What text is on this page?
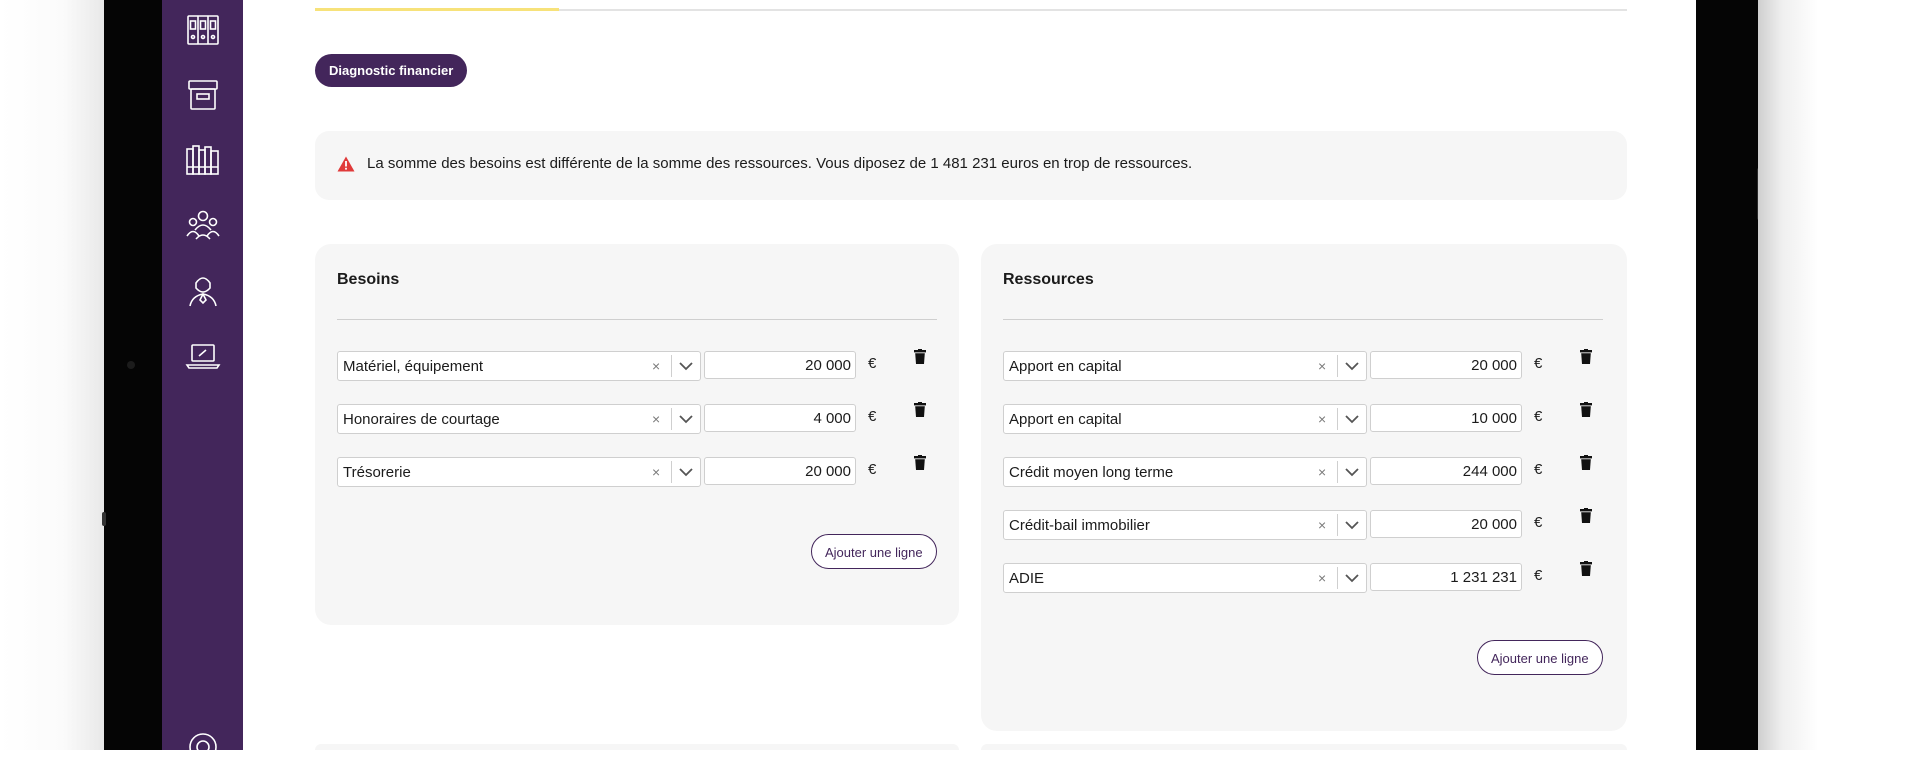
Diagnostic financier
La somme des besoins est différente de la somme des ressources. Vous diposez de 1 481 231 euros en trop de ressources.
Besoins
Matériel, équipement	×	20 000	€
Honoraires de courtage	×	4 000	€
Trésorerie	×	20 000	€
Ajouter une ligne
Ressources
Apport en capital	×	20 000	€
Apport en capital	×	10 000	€
Crédit moyen long terme	×	244 000	€
Crédit-bail immobilier	×	20 000	€
ADIE	×	1 231 231	€
Ajouter une ligne
